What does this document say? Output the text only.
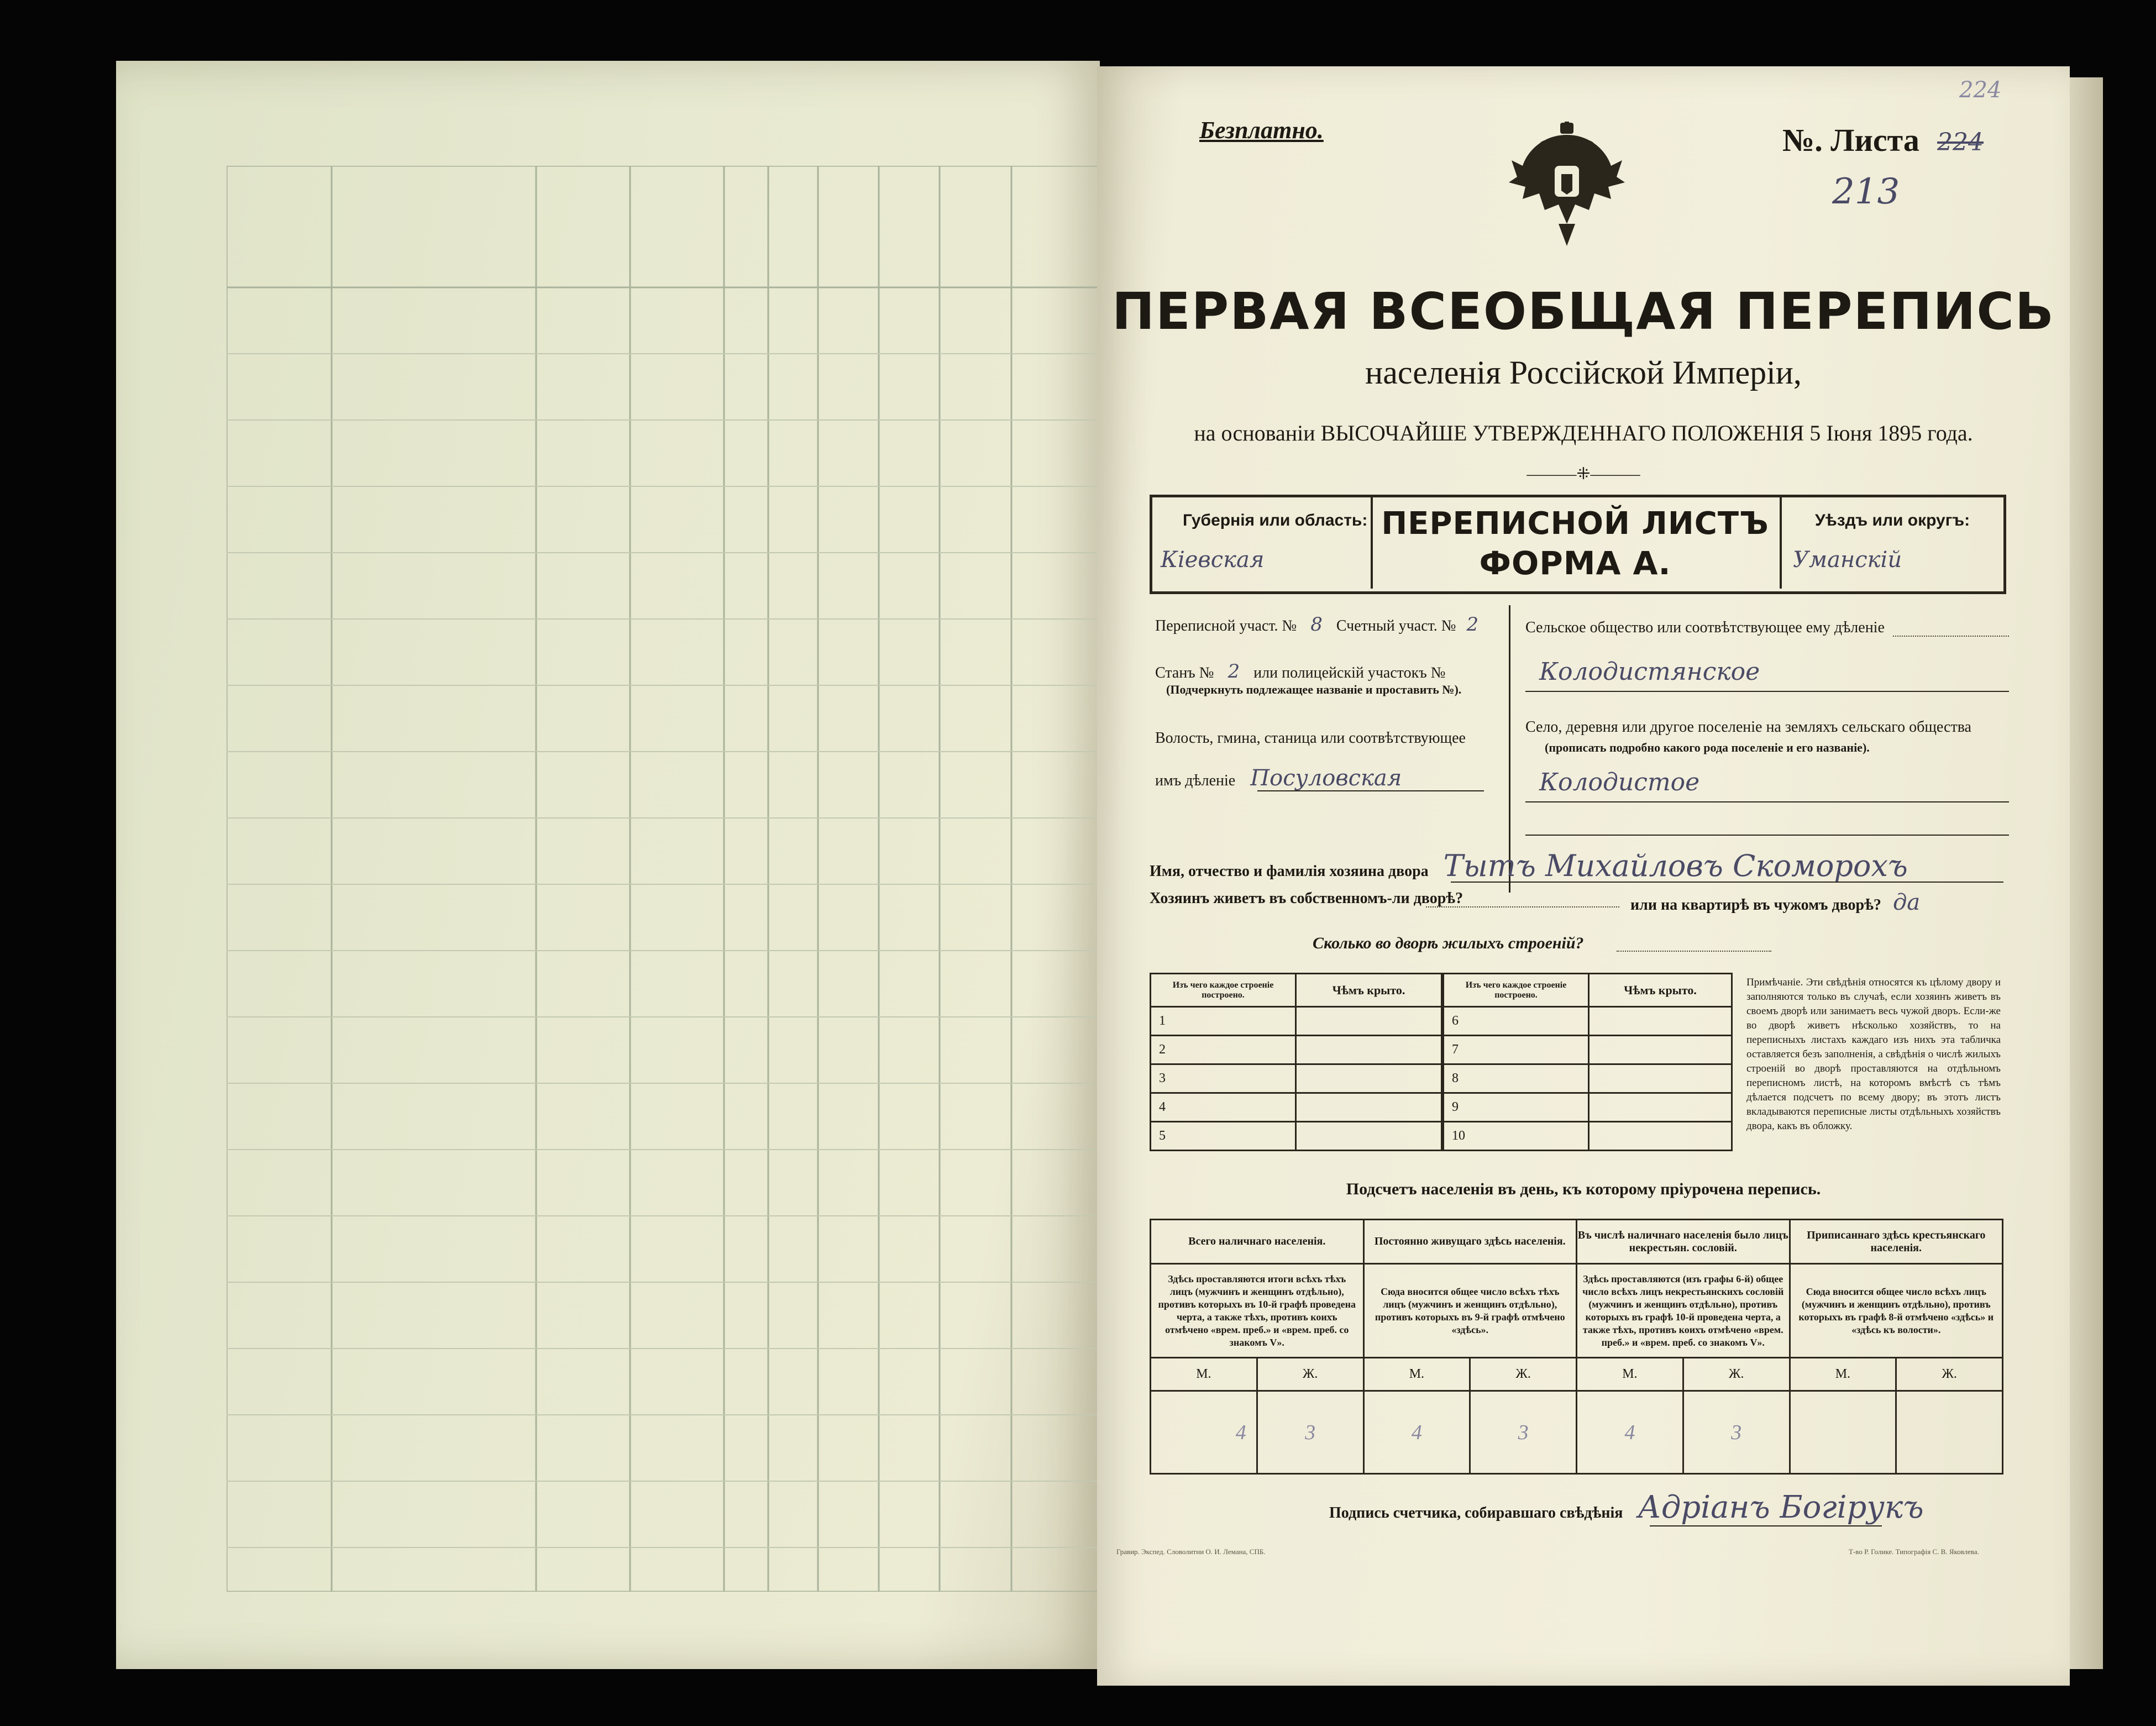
Безплатно.	№. Листа 224
224
213
ПЕРВАЯ ВСЕОБЩАЯ ПЕРЕПИСЬ
населенія Россійской Имперіи,
на основаніи ВЫСОЧАЙШЕ УТВЕРЖДЕННАГО ПОЛОЖЕНІЯ 5 Іюня 1895 года.
———⁜———
Губернія или область:
Кіевская
ПЕРЕПИСНОЙ ЛИСТЪ
ФОРМА А.
Уѣздъ или округъ:
Уманскій
Переписной участ. № 8 Счетный участ. № 2
Станъ № 2 или полицейскій участокъ №
(Подчеркнуть подлежащее названіе и проставить №).
Волость, гмина, станица или соотвѣтствующее
имъ дѣленіе Посуловская
Сельское общество или соотвѣтствующее ему дѣленіе
Колодистянское
Село, деревня или другое поселеніе на земляхъ сельскаго общества
(прописать подробно какого рода поселеніе и его названіе).
Колодистое
Имя, отчество и фамилія хозяина двора Тытъ Михайловъ Скоморохъ
Хозяинъ живетъ въ собственномъ-ли дворѣ?	или на квартирѣ въ чужомъ дворѣ? да
Сколько во дворѣ жилыхъ строеній?
Изъ чего каждое строеніе построено.	Чѣмъ крыто.
1	
2	
3	
4	
5	
Изъ чего каждое строеніе построено.	Чѣмъ крыто.
6	
7	
8	
9	
10	
Примѣчаніе. Эти свѣдѣнія относятся къ цѣлому двору и заполняются только въ случаѣ, если хозяинъ живетъ въ своемъ дворѣ или занимаетъ весь чужой дворъ. Если-же во дворѣ живетъ нѣсколько хозяйствъ, то на переписныхъ листахъ каждаго изъ нихъ эта табличка оставляется безъ заполненія, а свѣдѣнія о числѣ жилыхъ строеній во дворѣ проставляются на отдѣльномъ переписномъ листѣ, на которомъ вмѣстѣ съ тѣмъ дѣлается подсчетъ по всему двору; въ этотъ листъ вкладываются переписные листы отдѣльныхъ хозяйствъ двора, какъ въ обложку.
Подсчетъ населенія въ день, къ которому пріурочена перепись.
Всего наличнаго населенія.		Постоянно живущаго здѣсь населенія.		Въ числѣ наличнаго населенія было лицъ некрестьян. сословій.		Приписаннаго здѣсь крестьянскаго населенія.	
Здѣсь проставляются итоги всѣхъ тѣхъ лицъ (мужчинъ и женщинъ отдѣльно), противъ которыхъ въ 10-й графѣ проведена черта, а также тѣхъ, противъ коихъ отмѣчено «врем. преб.» и «врем. преб. со знакомъ V».		Сюда вносится общее число всѣхъ тѣхъ лицъ (мужчинъ и женщинъ отдѣльно), противъ которыхъ въ 9-й графѣ отмѣчено «здѣсь».		Здѣсь проставляются (изъ графы 6-й) общее число всѣхъ лицъ некрестьянскихъ сословій (мужчинъ и женщинъ отдѣльно), противъ которыхъ въ графѣ 10-й проведена черта, а также тѣхъ, противъ коихъ отмѣчено «врем. преб.» и «врем. преб. со знакомъ V».		Сюда вносится общее число всѣхъ лицъ (мужчинъ и женщинъ отдѣльно), противъ которыхъ въ графѣ 8-й отмѣчено «здѣсь» и «здѣсь къ волости».	
М.	Ж.	М.	Ж.	М.	Ж.	М.	Ж.
4	3	4	3	4	3		
Подпись счетчика, собиравшаго свѣдѣнія Адріанъ Богірукъ
Гравир. Экспед. Словолитни О. И. Лемана, СПБ.	Т-во Р. Голике. Типографія С. В. Яковлева.
